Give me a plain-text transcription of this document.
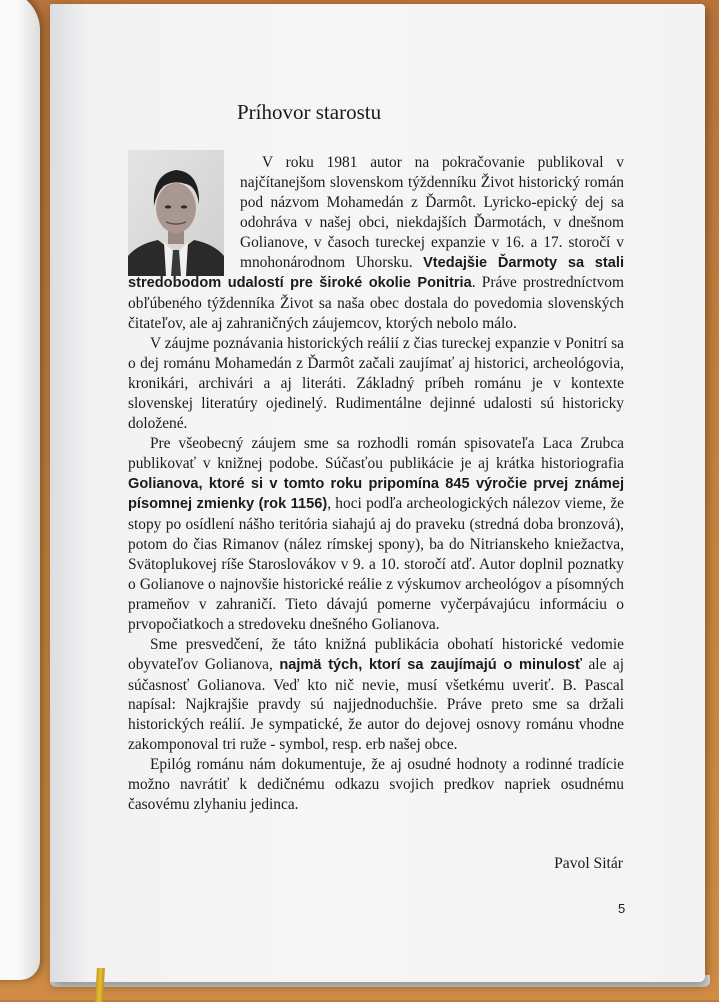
Príhovor starostu

V roku 1981 autor na pokračovanie publikoval v najčítanejšom slovenskom týždenníku Život historický román pod názvom Mohamedán z Ďarmôt. Lyricko-epický dej sa odohráva v našej obci, niekdajších Ďarmotách, v dnešnom Golianove, v časoch tureckej expanzie v 16. a 17. storočí v mnohonárodnom Uhorsku. Vtedajšie Ďarmoty sa stali stredobodom udalostí pre široké okolie Ponitria. Práve prostredníctvom obľúbeného týždenníka Život sa naša obec dostala do povedomia slovenských čitateľov, ale aj zahraničných záujemcov, ktorých nebolo málo.

V záujme poznávania historických reálií z čias tureckej expanzie v Ponitrí sa o dej románu Mohamedán z Ďarmôt začali zaujímať aj historici, archeológovia, kronikári, archivári a aj literáti. Základný príbeh románu je v kontexte slovenskej literatúry ojedinelý. Rudimentálne dejinné udalosti sú historicky doložené.

Pre všeobecný záujem sme sa rozhodli román spisovateľa Laca Zrubca publikovať v knižnej podobe. Súčasťou publikácie je aj krátka historiografia Golianova, ktoré si v tomto roku pripomína 845 výročie prvej známej písomnej zmienky (rok 1156), hoci podľa archeologických nálezov vieme, že stopy po osídlení nášho teritória siahajú aj do praveku (stredná doba bronzová), potom do čias Rimanov (nález rímskej spony), ba do Nitrianskeho kniežactva, Svätoplukovej ríše Staroslovákov v 9. a 10. storočí atď. Autor doplnil poznatky o Golianove o najnovšie historické reálie z výskumov archeológov a písomných prameňov v zahraničí. Tieto dávajú pomerne vyčerpávajúcu informáciu o prvopočiatkoch a stredoveku dnešného Golianova.

Sme presvedčení, že táto knižná publikácia obohatí historické vedomie obyvateľov Golianova, najmä tých, ktorí sa zaujímajú o minulosť ale aj súčasnosť Golianova. Veď kto nič nevie, musí všetkému uveriť. B. Pascal napísal: Najkrajšie pravdy sú najjednoduchšie. Práve preto sme sa držali historických reálií. Je sympatické, že autor do dejovej osnovy románu vhodne zakomponoval tri ruže - symbol, resp. erb našej obce.

Epilóg románu nám dokumentuje, že aj osudné hodnoty a rodinné tradície možno navrátiť k dedičnému odkazu svojich predkov napriek osudnému časovému zlyhaniu jedinca.

Pavol Sitár
5
